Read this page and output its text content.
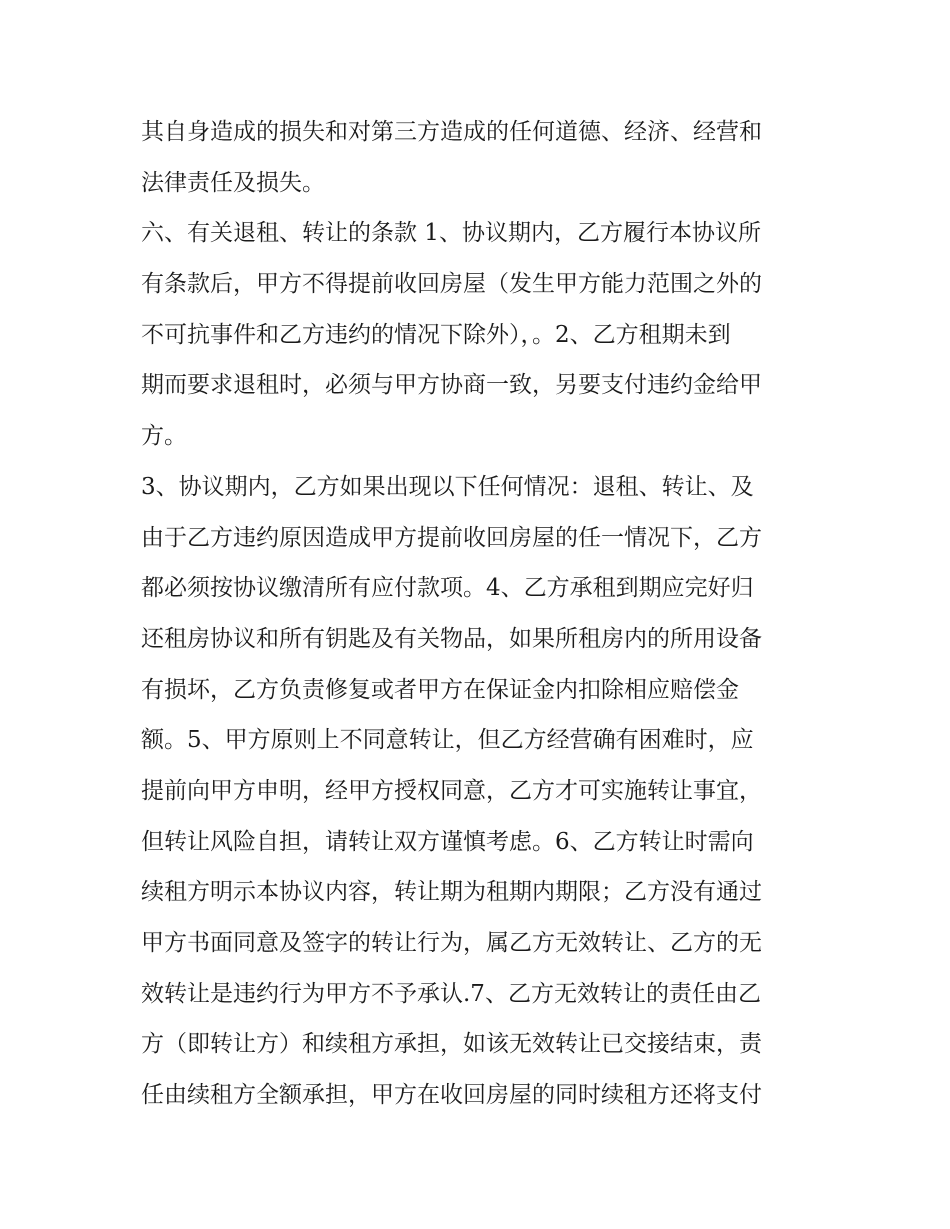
其自身造成的损失和对第三方造成的任何道德、经济、经营和
法律责任及损失。
六、有关退租、转让的条款 1、协议期内，乙方履行本协议所
有条款后，甲方不得提前收回房屋（发生甲方能力范围之外的
不可抗事件和乙方违约的情况下除外），。2、乙方租期未到
期而要求退租时，必须与甲方协商一致，另要支付违约金给甲
方。
3、协议期内，乙方如果出现以下任何情况：退租、转让、及
由于乙方违约原因造成甲方提前收回房屋的任一情况下，乙方
都必须按协议缴清所有应付款项。4、乙方承租到期应完好归
还租房协议和所有钥匙及有关物品，如果所租房内的所用设备
有损坏，乙方负责修复或者甲方在保证金内扣除相应赔偿金
额。5、甲方原则上不同意转让，但乙方经营确有困难时，应
提前向甲方申明，经甲方授权同意，乙方才可实施转让事宜，
但转让风险自担，请转让双方谨慎考虑。6、乙方转让时需向
续租方明示本协议内容，转让期为租期内期限；乙方没有通过
甲方书面同意及签字的转让行为，属乙方无效转让、乙方的无
效转让是违约行为甲方不予承认.7、乙方无效转让的责任由乙
方（即转让方）和续租方承担，如该无效转让已交接结束，责
任由续租方全额承担，甲方在收回房屋的同时续租方还将支付
